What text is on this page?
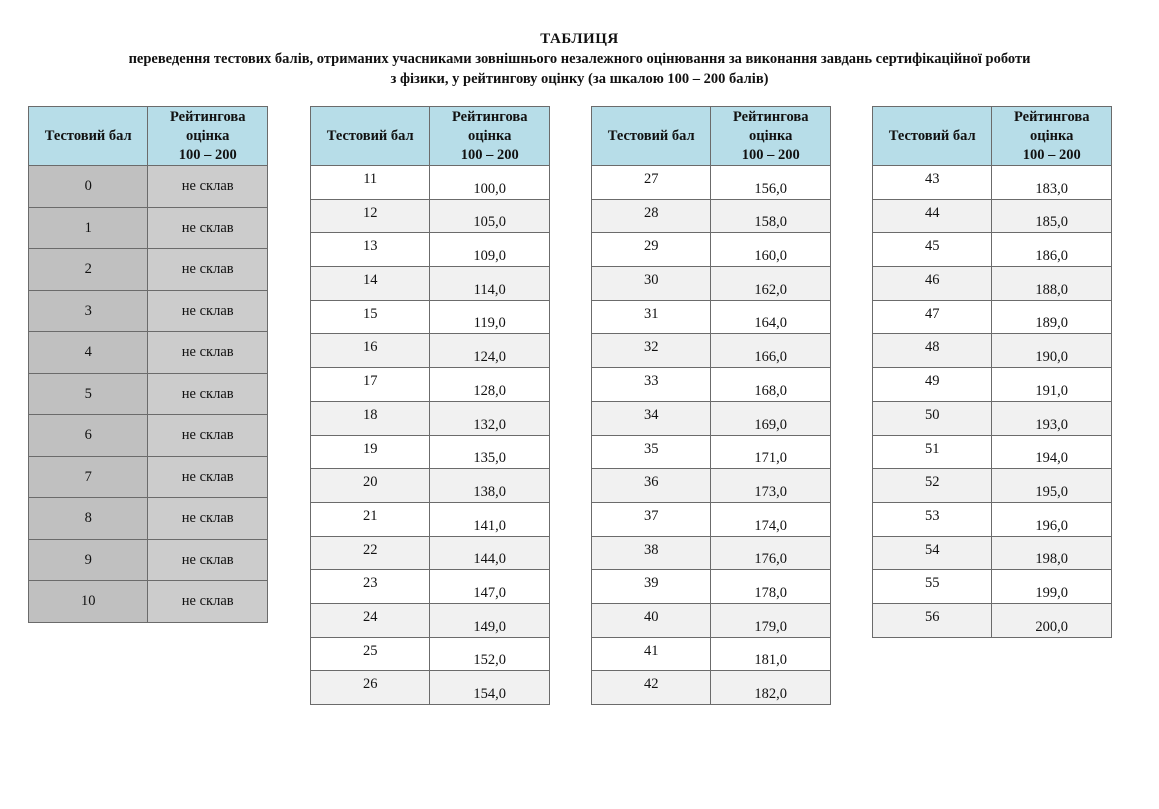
ТАБЛИЦЯ
переведення тестових балів, отриманих учасниками зовнішнього незалежного оцінювання за виконання завдань сертифікаційної роботи
з фізики, у рейтингову оцінку (за шкалою 100 – 200 балів)
Тестовий бал	Рейтингова
оцінка
100 – 200

0	не склав
1	не склав
2	не склав
3	не склав
4	не склав
5	не склав
6	не склав
7	не склав
8	не склав
9	не склав
10	не склав
Тестовий бал	Рейтингова
оцінка
100 – 200

11	100,0
12	105,0
13	109,0
14	114,0
15	119,0
16	124,0
17	128,0
18	132,0
19	135,0
20	138,0
21	141,0
22	144,0
23	147,0
24	149,0
25	152,0
26	154,0
Тестовий бал	Рейтингова
оцінка
100 – 200

27	156,0
28	158,0
29	160,0
30	162,0
31	164,0
32	166,0
33	168,0
34	169,0
35	171,0
36	173,0
37	174,0
38	176,0
39	178,0
40	179,0
41	181,0
42	182,0
Тестовий бал	Рейтингова
оцінка
100 – 200

43	183,0
44	185,0
45	186,0
46	188,0
47	189,0
48	190,0
49	191,0
50	193,0
51	194,0
52	195,0
53	196,0
54	198,0
55	199,0
56	200,0
